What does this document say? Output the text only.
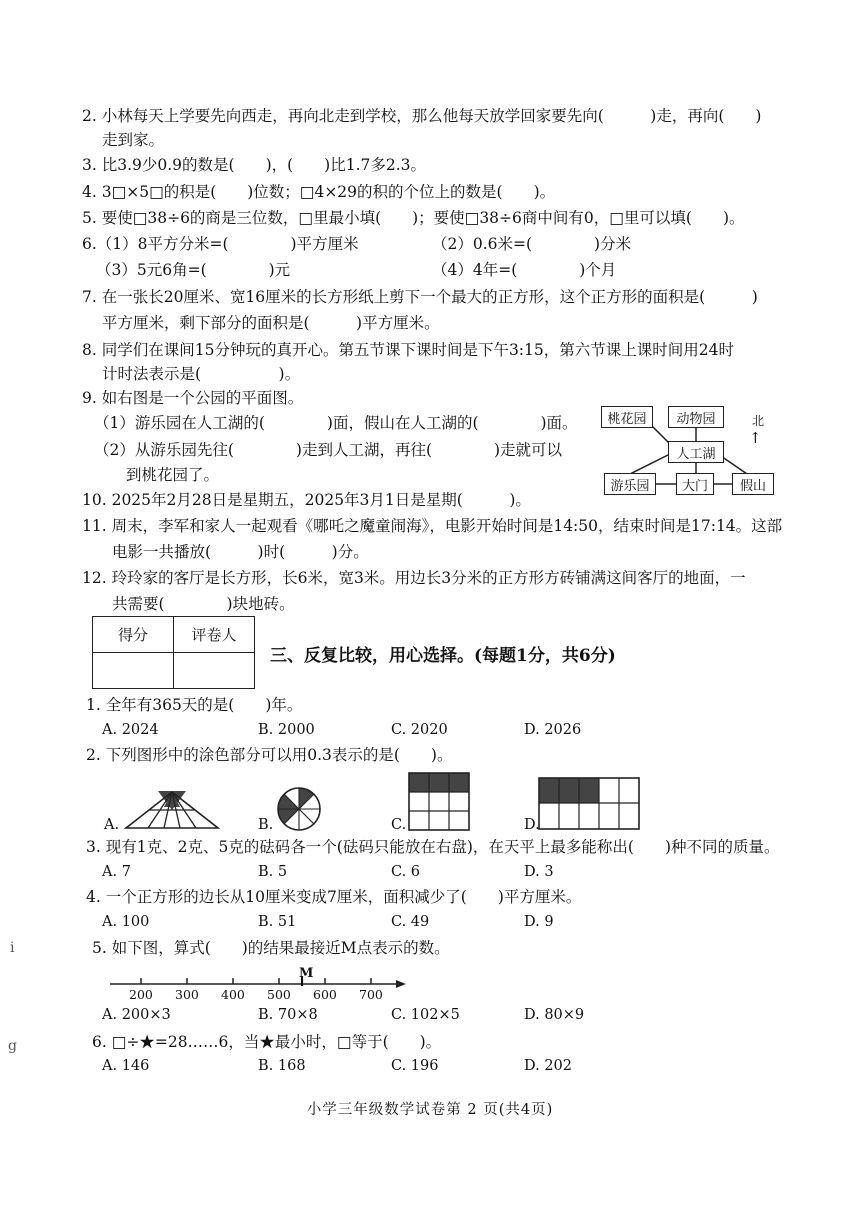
2. 小林每天上学要先向西走，再向北走到学校，那么他每天放学回家要先向(　　　)走，再向(　　)
走到家。
3. 比3.9少0.9的数是(　　)，(　　)比1.7多2.3。
4. 3□×5□的积是(　　)位数；□4×29的积的个位上的数是(　　)。
5. 要使□38÷6的商是三位数，□里最小填(　　)；要使□38÷6商中间有0，□里可以填(　　)。
6.（1）8平方分米=(　　　　)平方厘米	（2）0.6米=(　　　　)分米
（3）5元6角=(　　　　)元	（4）4年=(　　　　)个月
7. 在一张长20厘米、宽16厘米的长方形纸上剪下一个最大的正方形，这个正方形的面积是(　　　)
平方厘米，剩下部分的面积是(　　　)平方厘米。
8. 同学们在课间15分钟玩的真开心。第五节课下课时间是下午3:15，第六节课上课时间用24时
计时法表示是(　　　　　)。
9. 如右图是一个公园的平面图。
（1）游乐园在人工湖的(　　　　)面，假山在人工湖的(　　　　)面。
（2）从游乐园先往(　　　　)走到人工湖，再往(　　　　)走就可以
到桃花园了。
10. 2025年2月28日是星期五，2025年3月1日是星期(　　　)。
11. 周末，李军和家人一起观看《哪吒之魔童闹海》，电影开始时间是14:50，结束时间是17:14。这部
电影一共播放(　　　)时(　　　)分。
12. 玲玲家的客厅是长方形，长6米，宽3米。用边长3分米的正方形方砖铺满这间客厅的地面，一
共需要(　　　　)块地砖。
桃花园	动物园
人工湖
游乐园	大门	假山
北
↑
得分	评卷人

三、反复比较，用心选择。(每题1分，共6分)
1. 全年有365天的是(　　)年。
A. 2024	B. 2000	C. 2020	D. 2026
2. 下列图形中的涂色部分可以用0.3表示的是(　　)。
A.	B.	C.	D.
3. 现有1克、2克、5克的砝码各一个(砝码只能放在右盘)，在天平上最多能称出(　　)种不同的质量。
A. 7	B. 5	C. 6	D. 3
4. 一个正方形的边长从10厘米变成7厘米，面积减少了(　　)平方厘米。
A. 100	B. 51	C. 49	D. 9
5. 如下图，算式(　　)的结果最接近M点表示的数。
M
200 300 400 500 600 700
A. 200×3	B. 70×8	C. 102×5	D. 80×9
6. □÷★=28……6，当★最小时，□等于(　　)。
A. 146	B. 168	C. 196	D. 202
i
g
小学三年级数学试卷第 2 页(共4页)
